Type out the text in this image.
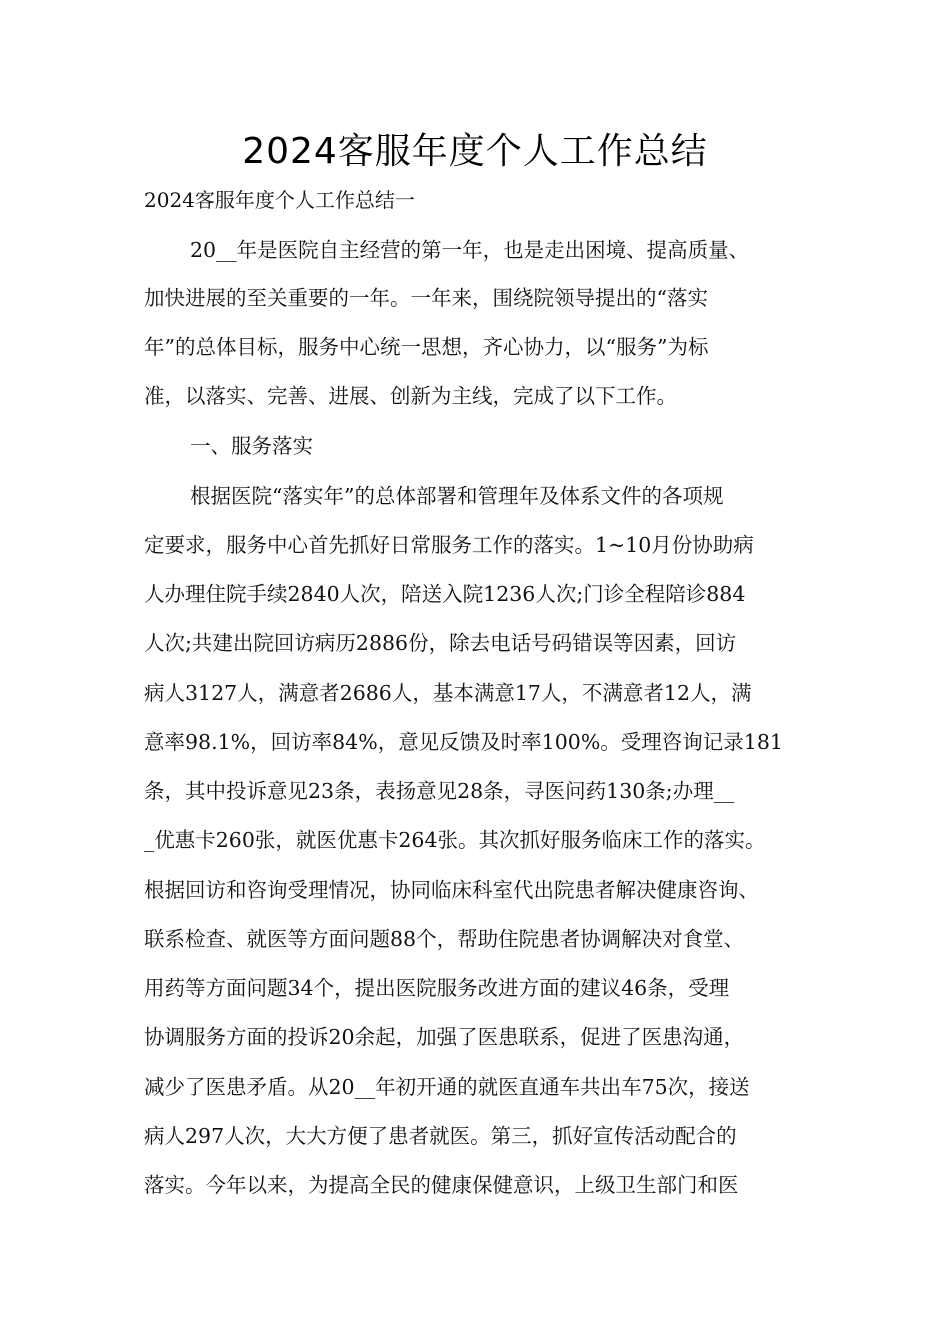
2024客服年度个人工作总结

2024客服年度个人工作总结一

20__年是医院自主经营的第一年，也是走出困境、提高质量、
加快进展的至关重要的一年。一年来，围绕院领导提出的“落实
年”的总体目标，服务中心统一思想，齐心协力，以“服务”为标
准，以落实、完善、进展、创新为主线，完成了以下工作。
一、服务落实
根据医院“落实年”的总体部署和管理年及体系文件的各项规
定要求，服务中心首先抓好日常服务工作的落实。1~10月份协助病
人办理住院手续2840人次，陪送入院1236人次;门诊全程陪诊884
人次;共建出院回访病历2886份，除去电话号码错误等因素，回访
病人3127人，满意者2686人，基本满意17人，不满意者12人，满
意率98.1%，回访率84%，意见反馈及时率100%。受理咨询记录181
条，其中投诉意见23条，表扬意见28条，寻医问药130条;办理__
_优惠卡260张，就医优惠卡264张。其次抓好服务临床工作的落实。
根据回访和咨询受理情况，协同临床科室代出院患者解决健康咨询、
联系检查、就医等方面问题88个，帮助住院患者协调解决对食堂、
用药等方面问题34个，提出医院服务改进方面的建议46条，受理
协调服务方面的投诉20余起，加强了医患联系，促进了医患沟通，
减少了医患矛盾。从20__年初开通的就医直通车共出车75次，接送
病人297人次，大大方便了患者就医。第三，抓好宣传活动配合的
落实。今年以来，为提高全民的健康保健意识，上级卫生部门和医
